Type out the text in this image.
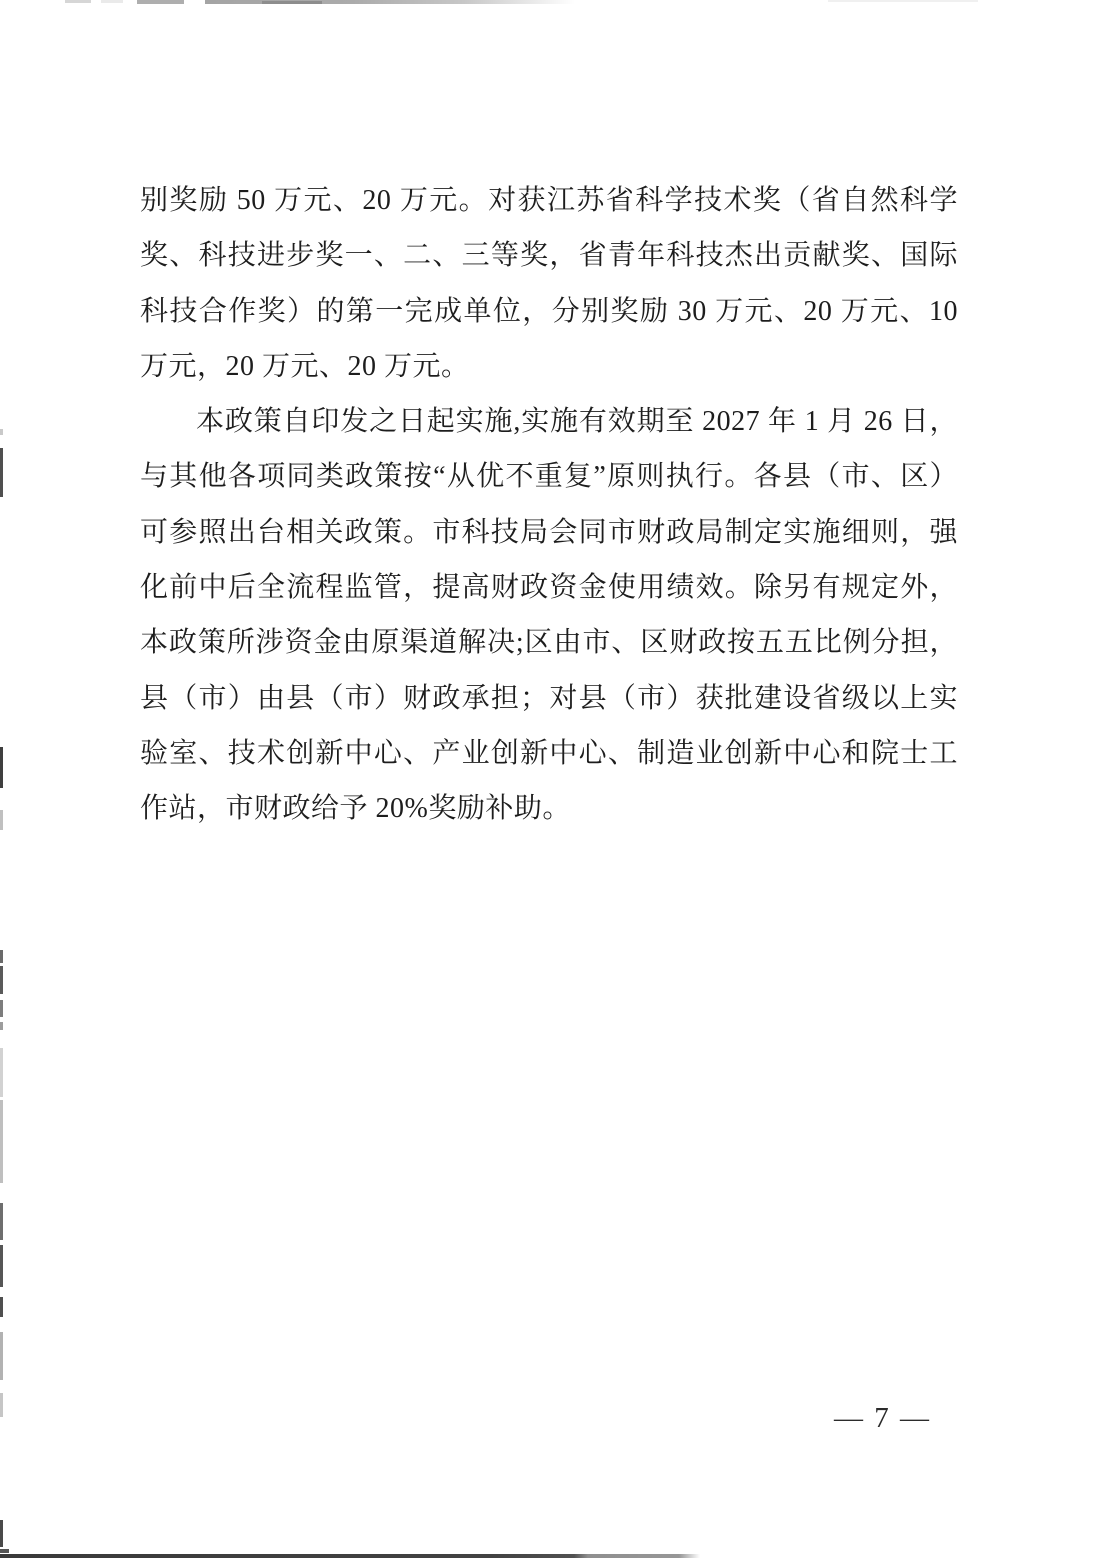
别奖励 50 万元、20 万元。对获江苏省科学技术奖（省自然科学
奖、科技进步奖一、二、三等奖，省青年科技杰出贡献奖、国际
科技合作奖）的第一完成单位，分别奖励 30 万元、20 万元、10
万元，20 万元、20 万元。
本政策自印发之日起实施,实施有效期至 2027 年 1 月 26 日，
与其他各项同类政策按“从优不重复”原则执行。各县（市、区）
可参照出台相关政策。市科技局会同市财政局制定实施细则，强
化前中后全流程监管，提高财政资金使用绩效。除另有规定外，
本政策所涉资金由原渠道解决;区由市、区财政按五五比例分担，
县（市）由县（市）财政承担；对县（市）获批建设省级以上实
验室、技术创新中心、产业创新中心、制造业创新中心和院士工
作站，市财政给予 20%奖励补助。
— 7 —
